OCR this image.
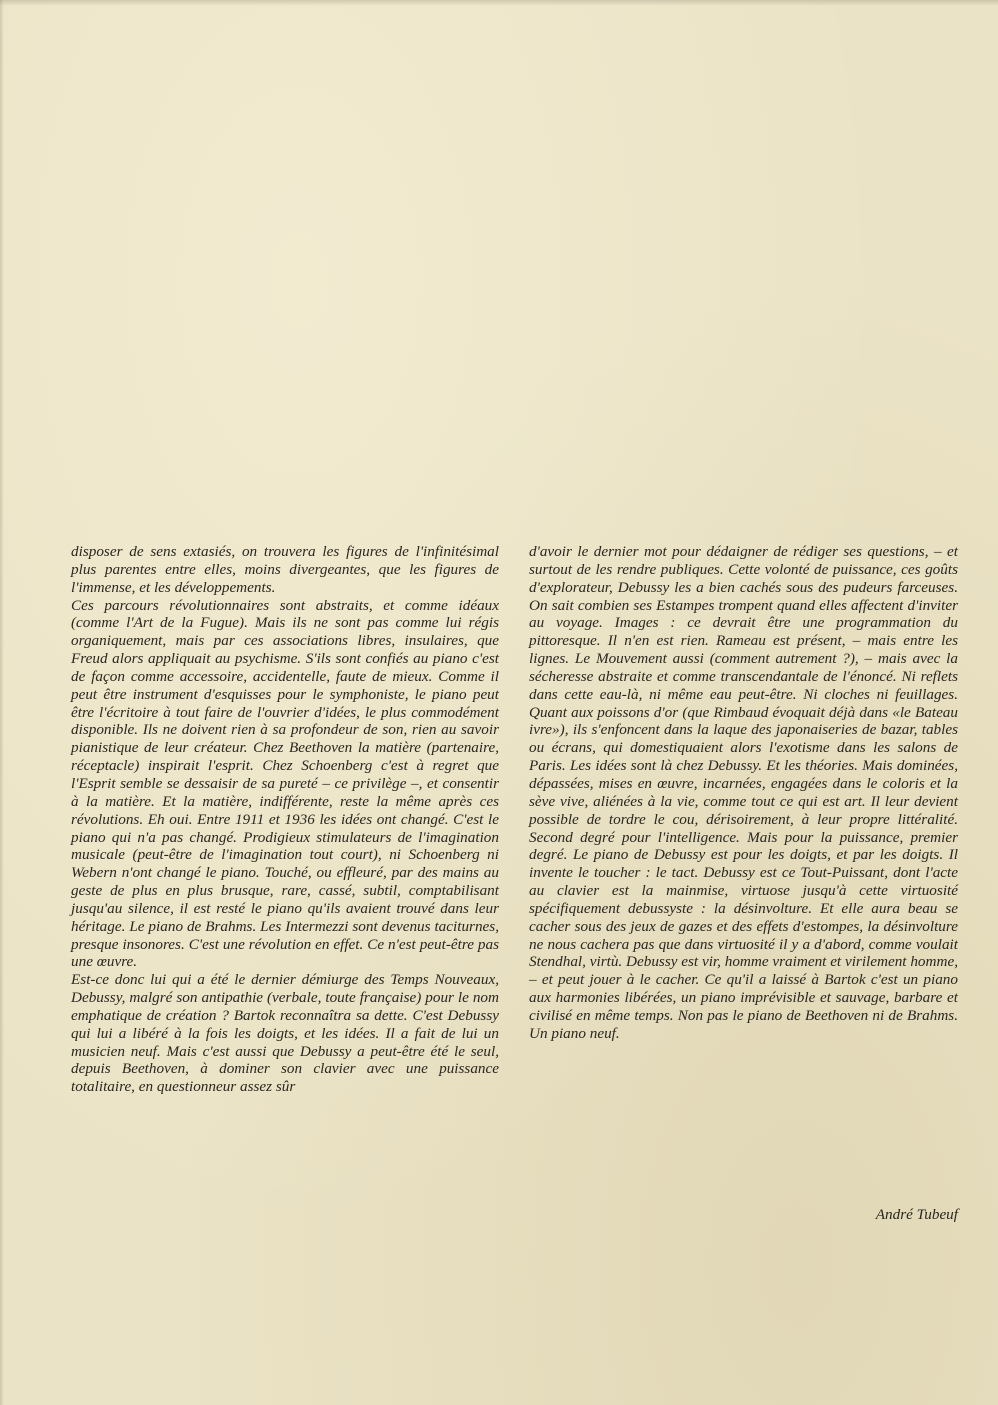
disposer de sens extasiés, on trouvera les figures de l'infinitésimal plus parentes entre elles, moins divergeantes, que les figures de l'immense, et les développements.

Ces parcours révolutionnaires sont abstraits, et comme idéaux (comme l'Art de la Fugue). Mais ils ne sont pas comme lui régis organiquement, mais par ces associations libres, insulaires, que Freud alors appliquait au psychisme. S'ils sont confiés au piano c'est de façon comme accessoire, accidentelle, faute de mieux. Comme il peut être instrument d'esquisses pour le symphoniste, le piano peut être l'écritoire à tout faire de l'ouvrier d'idées, le plus commodément disponible. Ils ne doivent rien à sa profondeur de son, rien au savoir pianistique de leur créateur. Chez Beethoven la matière (partenaire, réceptacle) inspirait l'esprit. Chez Schoenberg c'est à regret que l'Esprit semble se dessaisir de sa pureté – ce privilège –, et consentir à la matière. Et la matière, indifférente, reste la même après ces révolutions. Eh oui. Entre 1911 et 1936 les idées ont changé. C'est le piano qui n'a pas changé. Prodigieux stimulateurs de l'imagination musicale (peut-être de l'imagination tout court), ni Schoenberg ni Webern n'ont changé le piano. Touché, ou effleuré, par des mains au geste de plus en plus brusque, rare, cassé, subtil, comptabilisant jusqu'au silence, il est resté le piano qu'ils avaient trouvé dans leur héritage. Le piano de Brahms. Les Intermezzi sont devenus taciturnes, presque insonores. C'est une révolution en effet. Ce n'est peut-être pas une œuvre.

Est-ce donc lui qui a été le dernier démiurge des Temps Nouveaux, Debussy, malgré son antipathie (verbale, toute française) pour le nom emphatique de création ? Bartok reconnaîtra sa dette. C'est Debussy qui lui a libéré à la fois les doigts, et les idées. Il a fait de lui un musicien neuf. Mais c'est aussi que Debussy a peut-être été le seul, depuis Beethoven, à dominer son clavier avec une puissance totalitaire, en questionneur assez sûr

d'avoir le dernier mot pour dédaigner de rédiger ses questions, – et surtout de les rendre publiques. Cette volonté de puissance, ces goûts d'explorateur, Debussy les a bien cachés sous des pudeurs farceuses. On sait combien ses Estampes trompent quand elles affectent d'inviter au voyage. Images : ce devrait être une programmation du pittoresque. Il n'en est rien. Rameau est présent, – mais entre les lignes. Le Mouvement aussi (comment autrement ?), – mais avec la sécheresse abstraite et comme transcendantale de l'énoncé. Ni reflets dans cette eau-là, ni même eau peut-être. Ni cloches ni feuillages. Quant aux poissons d'or (que Rimbaud évoquait déjà dans «le Bateau ivre»), ils s'enfoncent dans la laque des japonaiseries de bazar, tables ou écrans, qui domestiquaient alors l'exotisme dans les salons de Paris. Les idées sont là chez Debussy. Et les théories. Mais dominées, dépassées, mises en œuvre, incarnées, engagées dans le coloris et la sève vive, aliénées à la vie, comme tout ce qui est art. Il leur devient possible de tordre le cou, dérisoirement, à leur propre littéralité. Second degré pour l'intelligence. Mais pour la puissance, premier degré. Le piano de Debussy est pour les doigts, et par les doigts. Il invente le toucher : le tact. Debussy est ce Tout-Puissant, dont l'acte au clavier est la mainmise, virtuose jusqu'à cette virtuosité spécifiquement debussyste : la désinvolture. Et elle aura beau se cacher sous des jeux de gazes et des effets d'estompes, la désinvolture ne nous cachera pas que dans virtuosité il y a d'abord, comme voulait Stendhal, virtù. Debussy est vir, homme vraiment et virilement homme, – et peut jouer à le cacher. Ce qu'il a laissé à Bartok c'est un piano aux harmonies libérées, un piano imprévisible et sauvage, barbare et civilisé en même temps. Non pas le piano de Beethoven ni de Brahms. Un piano neuf.

André Tubeuf
